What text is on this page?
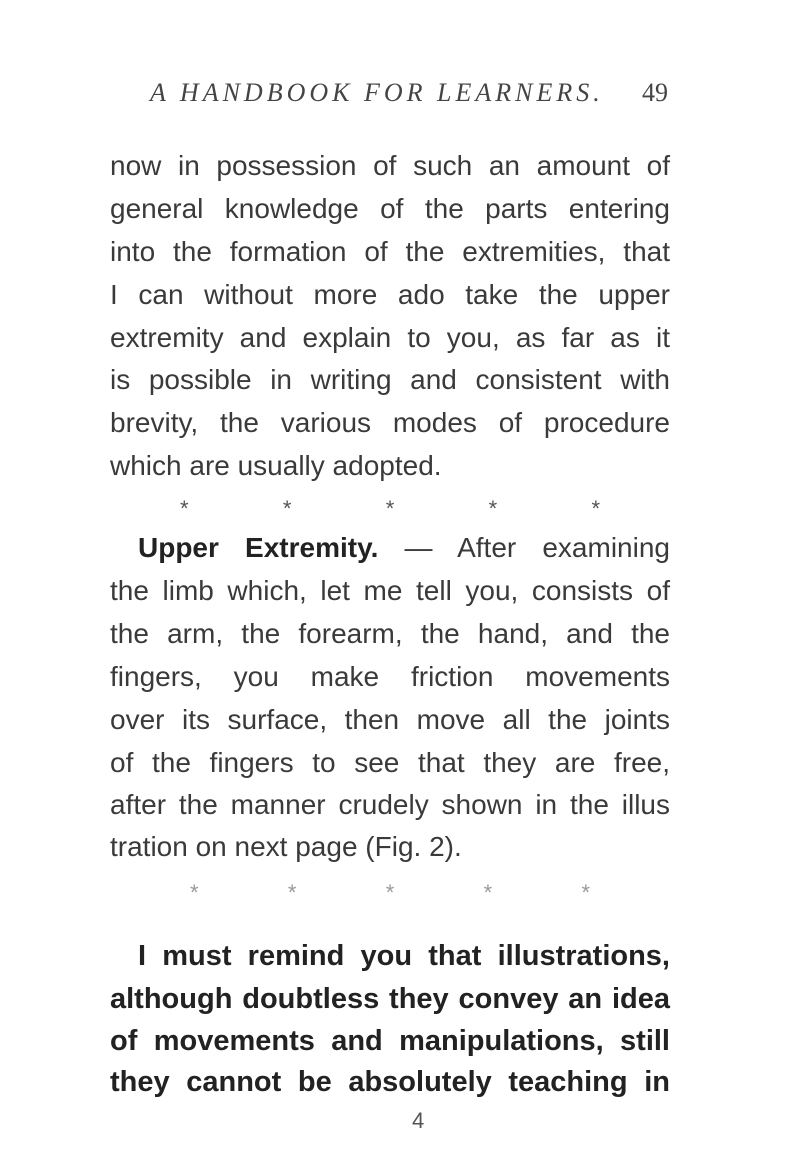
A HANDBOOK FOR LEARNERS.	49
now in possession of such an amount of
general knowledge of the parts entering
into the formation of the extremities, that
I can without more ado take the upper
extremity and explain to you, as far as it
is possible in writing and consistent with
brevity, the various modes of procedure
which are usually adopted.
*	*	*	*	*
Upper Extremity. — After examining
the limb which, let me tell you, consists of
the arm, the forearm, the hand, and the
fingers, you make friction movements
over its surface, then move all the joints
of the fingers to see that they are free,
after the manner crudely shown in the illus
tration on next page (Fig. 2).
*	*	*	*	*
I must remind you that illustrations,
although doubtless they convey an idea
of movements and manipulations, still
they cannot be absolutely teaching in
4
